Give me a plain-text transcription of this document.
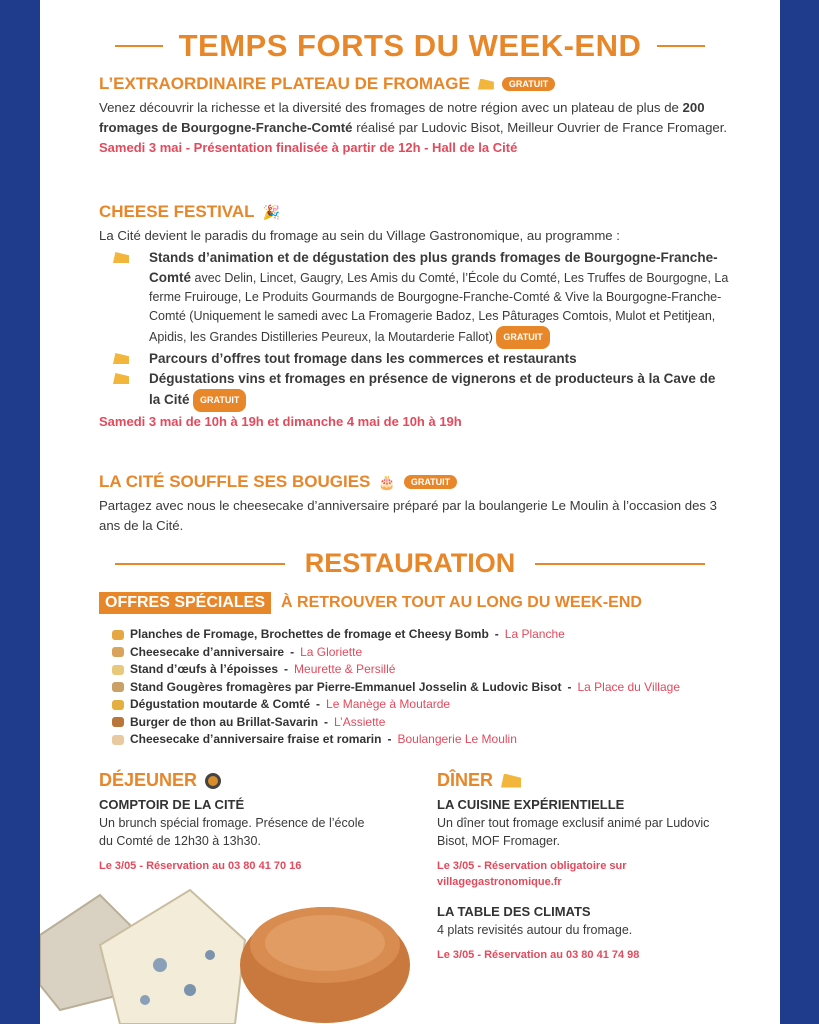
TEMPS FORTS DU WEEK-END
L’EXTRAORDINAIRE PLATEAU DE FROMAGE	GRATUIT

Venez découvrir la richesse et la diversité des fromages de notre région avec un plateau de plus de 200 fromages de Bourgogne-Franche-Comté réalisé par Ludovic Bisot, Meilleur Ouvrier de France Fromager.

Samedi 3 mai - Présentation finalisée à partir de 12h - Hall de la Cité
CHEESE FESTIVAL 🎉

La Cité devient le paradis du fromage au sein du Village Gastronomique, au programme :

Stands d’animation et de dégustation des plus grands fromages de Bourgogne-Franche-Comté avec Delin, Lincet, Gaugry, Les Amis du Comté, l’École du Comté, Les Truffes de Bourgogne, La ferme Fruirouge, Le Produits Gourmands de Bourgogne-Franche-Comté & Vive la Bourgogne-Franche-Comté (Uniquement le samedi avec La Fromagerie Badoz, Les Pâturages Comtois, Mulot et Petitjean, Apidis, les Grandes Distilleries Peureux, la Moutarderie Fallot) GRATUIT
Parcours d’offres tout fromage dans les commerces et restaurants
Dégustations vins et fromages en présence de vignerons et de producteurs à la Cave de la Cité GRATUIT
Samedi 3 mai de 10h à 19h et dimanche 4 mai de 10h à 19h
LA CITÉ SOUFFLE SES BOUGIES 🎂	GRATUIT

Partagez avec nous le cheesecake d’anniversaire préparé par la boulangerie Le Moulin à l’occasion des 3 ans de la Cité.

RESTAURATION
OFFRES SPÉCIALES	À RETROUVER TOUT AU LONG DU WEEK-END
Planches de Fromage, Brochettes de fromage et Cheesy Bomb - La Planche
Cheesecake d’anniversaire - La Gloriette
Stand d’œufs à l’époisses - Meurette & Persillé
Stand Gougères fromagères par Pierre-Emmanuel Josselin & Ludovic Bisot - La Place du Village
Dégustation moutarde & Comté - Le Manège à Moutarde
Burger de thon au Brillat-Savarin - L’Assiette
Cheesecake d’anniversaire fraise et romarin - Boulangerie Le Moulin
DÉJEUNER
COMPTOIR DE LA CITÉ

Un brunch spécial fromage. Présence de l’école du Comté de 12h30 à 13h30.

Le 3/05 - Réservation au 03 80 41 70 16
DÎNER
LA CUISINE EXPÉRIENTIELLE

Un dîner tout fromage exclusif animé par Ludovic Bisot, MOF Fromager.

Le 3/05 - Réservation obligatoire sur
villagegastronomique.fr
LA TABLE DES CLIMATS

4 plats revisités autour du fromage.

Le 3/05 - Réservation au 03 80 41 74 98
